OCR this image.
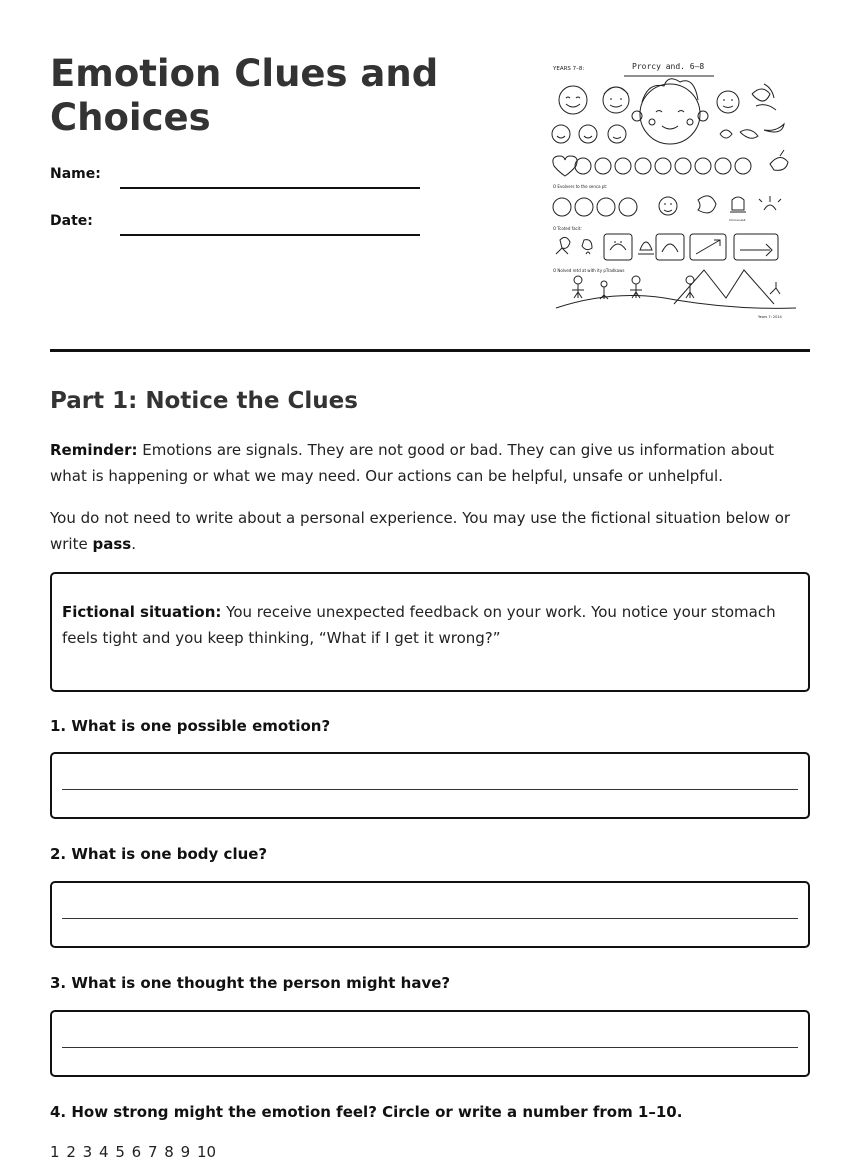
Emotion Clues and Choices
Name:
Date:
YEARS 7–8:	Prorcy and. 6–8
O Evolvers to the senca pt:
Chxovnasit
O Tcoted facit:
O Nolved retd at with ity pTradkaws
Years 7: 2014
Part 1: Notice the Clues
Reminder: Emotions are signals. They are not good or bad. They can give us information about what is happening or what we may need. Our actions can be helpful, unsafe or unhelpful.
You do not need to write about a personal experience. You may use the fictional situation below or write pass.
Fictional situation: You receive unexpected feedback on your work. You notice your stomach feels tight and you keep thinking, “What if I get it wrong?”
1. What is one possible emotion?
2. What is one body clue?
3. What is one thought the person might have?
4. How strong might the emotion feel? Circle or write a number from 1–10.
1 2 3 4 5 6 7 8 9 10
